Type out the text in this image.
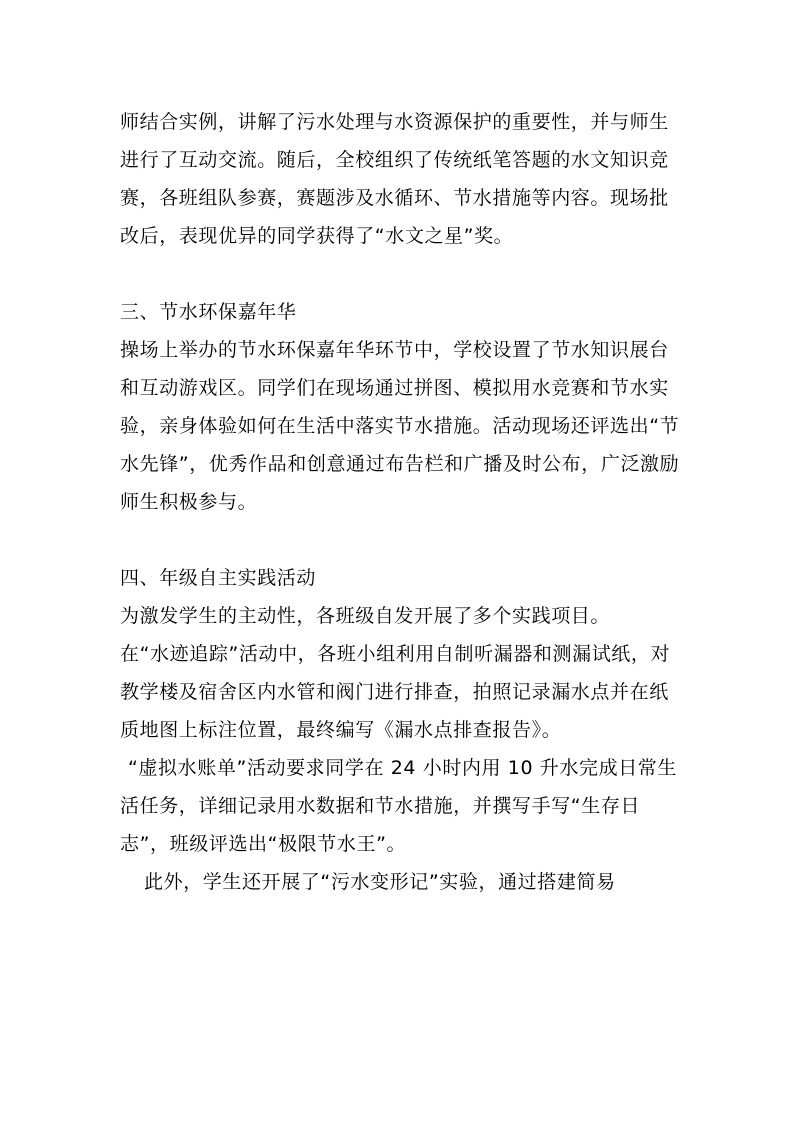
师结合实例，讲解了污水处理与水资源保护的重要性，并与师生进行了互动交流。随后，全校组织了传统纸笔答题的水文知识竞赛，各班组队参赛，赛题涉及水循环、节水措施等内容。现场批改后，表现优异的同学获得了“水文之星”奖。

三、节水环保嘉年华

操场上举办的节水环保嘉年华环节中，学校设置了节水知识展台和互动游戏区。同学们在现场通过拼图、模拟用水竞赛和节水实验，亲身体验如何在生活中落实节水措施。活动现场还评选出“节水先锋”，优秀作品和创意通过布告栏和广播及时公布，广泛激励师生积极参与。

四、年级自主实践活动

为激发学生的主动性，各班级自发开展了多个实践项目。

在“水迹追踪”活动中，各班小组利用自制听漏器和测漏试纸，对教学楼及宿舍区内水管和阀门进行排查，拍照记录漏水点并在纸质地图上标注位置，最终编写《漏水点排查报告》。

“虚拟水账单”活动要求同学在 24 小时内用 10 升水完成日常生活任务，详细记录用水数据和节水措施，并撰写手写“生存日志”，班级评选出“极限节水王”。

此外，学生还开展了“污水变形记”实验，通过搭建简易
